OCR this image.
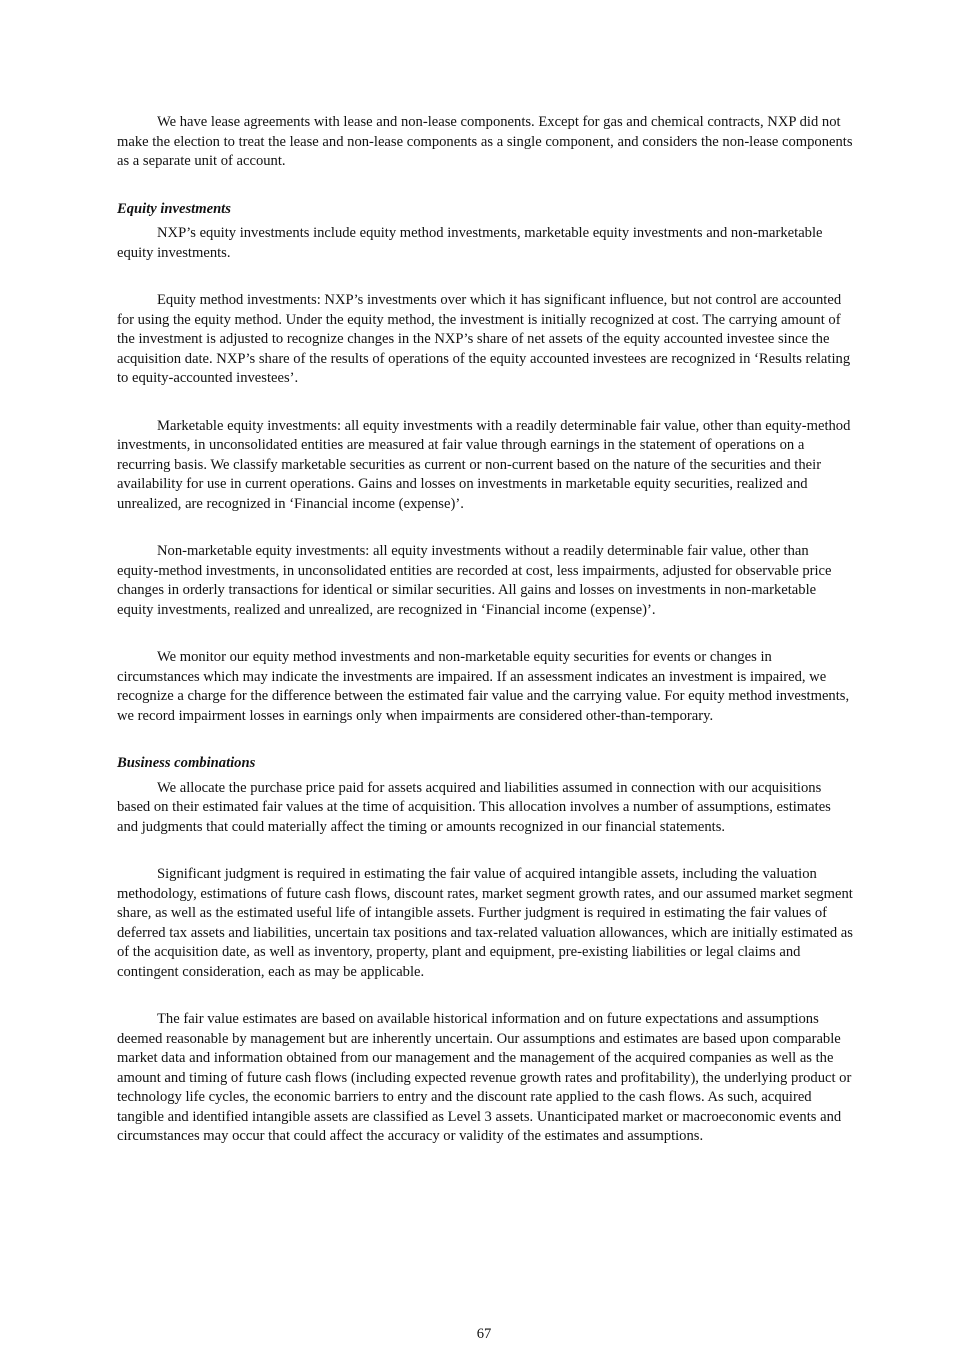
We have lease agreements with lease and non-lease components. Except for gas and chemical contracts, NXP did not make the election to treat the lease and non-lease components as a single component, and considers the non-lease components as a separate unit of account.

Equity investments

NXP’s equity investments include equity method investments, marketable equity investments and non-marketable equity investments.

Equity method investments: NXP’s investments over which it has significant influence, but not control are accounted for using the equity method. Under the equity method, the investment is initially recognized at cost. The carrying amount of the investment is adjusted to recognize changes in the NXP’s share of net assets of the equity accounted investee since the acquisition date. NXP’s share of the results of operations of the equity accounted investees are recognized in ‘Results relating to equity-accounted investees’.

Marketable equity investments: all equity investments with a readily determinable fair value, other than equity-method investments, in unconsolidated entities are measured at fair value through earnings in the statement of operations on a recurring basis. We classify marketable securities as current or non-current based on the nature of the securities and their availability for use in current operations. Gains and losses on investments in marketable equity securities, realized and unrealized, are recognized in ‘Financial income (expense)’.

Non-marketable equity investments: all equity investments without a readily determinable fair value, other than equity-method investments, in unconsolidated entities are recorded at cost, less impairments, adjusted for observable price changes in orderly transactions for identical or similar securities. All gains and losses on investments in non-marketable equity investments, realized and unrealized, are recognized in ‘Financial income (expense)’.

We monitor our equity method investments and non-marketable equity securities for events or changes in circumstances which may indicate the investments are impaired. If an assessment indicates an investment is impaired, we recognize a charge for the difference between the estimated fair value and the carrying value. For equity method investments, we record impairment losses in earnings only when impairments are considered other-than-temporary.

Business combinations

We allocate the purchase price paid for assets acquired and liabilities assumed in connection with our acquisitions based on their estimated fair values at the time of acquisition. This allocation involves a number of assumptions, estimates and judgments that could materially affect the timing or amounts recognized in our financial statements.

Significant judgment is required in estimating the fair value of acquired intangible assets, including the valuation methodology, estimations of future cash flows, discount rates, market segment growth rates, and our assumed market segment share, as well as the estimated useful life of intangible assets. Further judgment is required in estimating the fair values of deferred tax assets and liabilities, uncertain tax positions and tax-related valuation allowances, which are initially estimated as of the acquisition date, as well as inventory, property, plant and equipment, pre-existing liabilities or legal claims and contingent consideration, each as may be applicable.

The fair value estimates are based on available historical information and on future expectations and assumptions deemed reasonable by management but are inherently uncertain. Our assumptions and estimates are based upon comparable market data and information obtained from our management and the management of the acquired companies as well as the amount and timing of future cash flows (including expected revenue growth rates and profitability), the underlying product or technology life cycles, the economic barriers to entry and the discount rate applied to the cash flows. As such, acquired tangible and identified intangible assets are classified as Level 3 assets. Unanticipated market or macroeconomic events and circumstances may occur that could affect the accuracy or validity of the estimates and assumptions.

67
